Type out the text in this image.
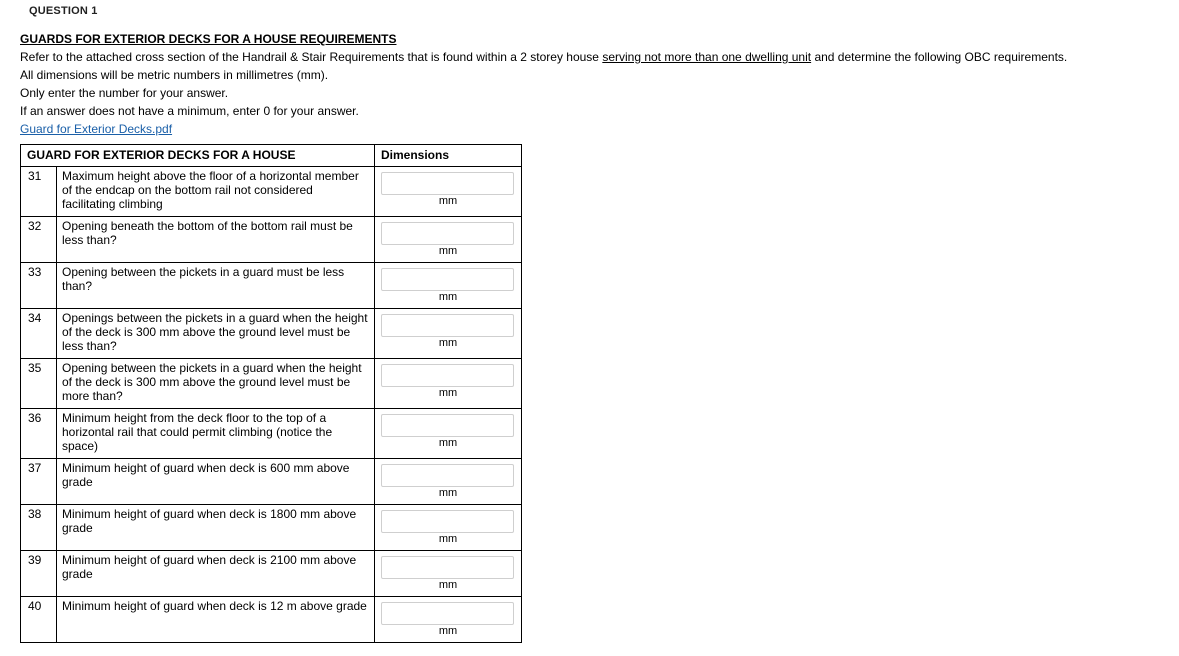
QUESTION 1
GUARDS FOR EXTERIOR DECKS FOR A HOUSE REQUIREMENTS
Refer to the attached cross section of the Handrail & Stair Requirements that is found within a 2 storey house serving not more than one dwelling unit and determine the following OBC requirements.
All dimensions will be metric numbers in millimetres (mm).
Only enter the number for your answer.
If an answer does not have a minimum, enter 0 for your answer.
Guard for Exterior Decks.pdf
GUARD FOR EXTERIOR DECKS FOR A HOUSE		Dimensions
31	Maximum height above the floor of a horizontal member of the endcap on the bottom rail not considered facilitating climbing	mm

32	Opening beneath the bottom of the bottom rail must be less than?	mm

33	Opening between the pickets in a guard must be less than?	mm

34	Openings between the pickets in a guard when the height of the deck is 300 mm above the ground level must be less than?	mm

35	Opening between the pickets in a guard when the height of the deck is 300 mm above the ground level must be more than?	mm

36	Minimum height from the deck floor to the top of a horizontal rail that could permit climbing (notice the space)	mm

37	Minimum height of guard when deck is 600 mm above grade	mm

38	Minimum height of guard when deck is 1800 mm above grade	mm

39	Minimum height of guard when deck is 2100 mm above grade	mm

40	Minimum height of guard when deck is 12 m above grade	mm
